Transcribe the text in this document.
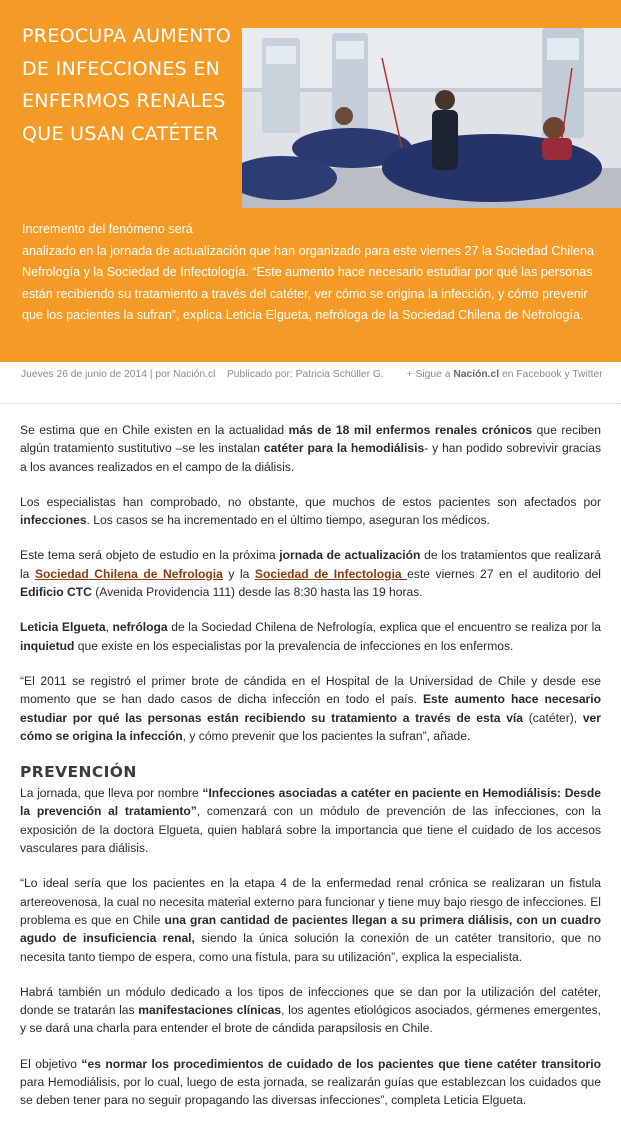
PREOCUPA AUMENTO DE INFECCIONES EN ENFERMOS RENALES QUE USAN CATÉTER

Incremento del fenómeno será
analizado en la jornada de actualización que han organizado para este viernes 27 la Sociedad Chilena Nefrología y la Sociedad de Infectología. “Este aumento hace necesario estudiar por qué las personas están recibiendo su tratamiento a través del catéter, ver cómo se origina la infección, y cómo prevenir que los pacientes la sufran”, explica Leticia Elgueta, nefróloga de la Sociedad Chilena de Nefrología.

Jueves 26 de junio de 2014 | por Nación.cl Publicado por: Patricia Schüller G. + Sigue a Nación.cl en Facebook y Twitter

Se estima que en Chile existen en la actualidad más de 18 mil enfermos renales crónicos que reciben algún tratamiento sustitutivo –se les instalan catéter para la hemodiálisis- y han podido sobrevivir gracias a los avances realizados en el campo de la diálisis.

Los especialistas han comprobado, no obstante, que muchos de estos pacientes son afectados por infecciones. Los casos se ha incrementado en el último tiempo, aseguran los médicos.

Este tema será objeto de estudio en la próxima jornada de actualización de los tratamientos que realizará la Sociedad Chilena de Nefrologia y la Sociedad de Infectologia este viernes 27 en el auditorio del Edificio CTC (Avenida Providencia 111) desde las 8:30 hasta las 19 horas.

Leticia Elgueta, nefróloga de la Sociedad Chilena de Nefrología, explica que el encuentro se realiza por la inquietud que existe en los especialistas por la prevalencia de infecciones en los enfermos.

“El 2011 se registró el primer brote de cándida en el Hospital de la Universidad de Chile y desde ese momento que se han dado casos de dicha infección en todo el país. Este aumento hace necesario estudiar por qué las personas están recibiendo su tratamiento a través de esta vía (catéter), ver cómo se origina la infección, y cómo prevenir que los pacientes la sufran”, añade.

PREVENCIÓN

La jornada, que lleva por nombre “Infecciones asociadas a catéter en paciente en Hemodiálisis: Desde la prevención al tratamiento”, comenzará con un módulo de prevención de las infecciones, con la exposición de la doctora Elgueta, quien hablará sobre la importancia que tiene el cuidado de los accesos vasculares para diálisis.

“Lo ideal sería que los pacientes en la etapa 4 de la enfermedad renal crónica se realizaran un fistula artereovenosa, la cual no necesita material externo para funcionar y tiene muy bajo riesgo de infecciones. El problema es que en Chile una gran cantidad de pacientes llegan a su primera diálisis, con un cuadro agudo de insuficiencia renal, siendo la única solución la conexión de un catéter transitorio, que no necesita tanto tiempo de espera, como una fístula, para su utilización”, explica la especialista.

Habrá también un módulo dedicado a los tipos de infecciones que se dan por la utilización del catéter, donde se tratarán las manifestaciones clínicas, los agentes etiológicos asociados, gérmenes emergentes, y se dará una charla para entender el brote de cándida parapsilosis en Chile.

El objetivo “es normar los procedimientos de cuidado de los pacientes que tiene catéter transitorio para Hemodiálisis, por lo cual, luego de esta jornada, se realizarán guías que establezcan los cuidados que se deben tener para no seguir propagando las diversas infecciones”, completa Leticia Elgueta.
